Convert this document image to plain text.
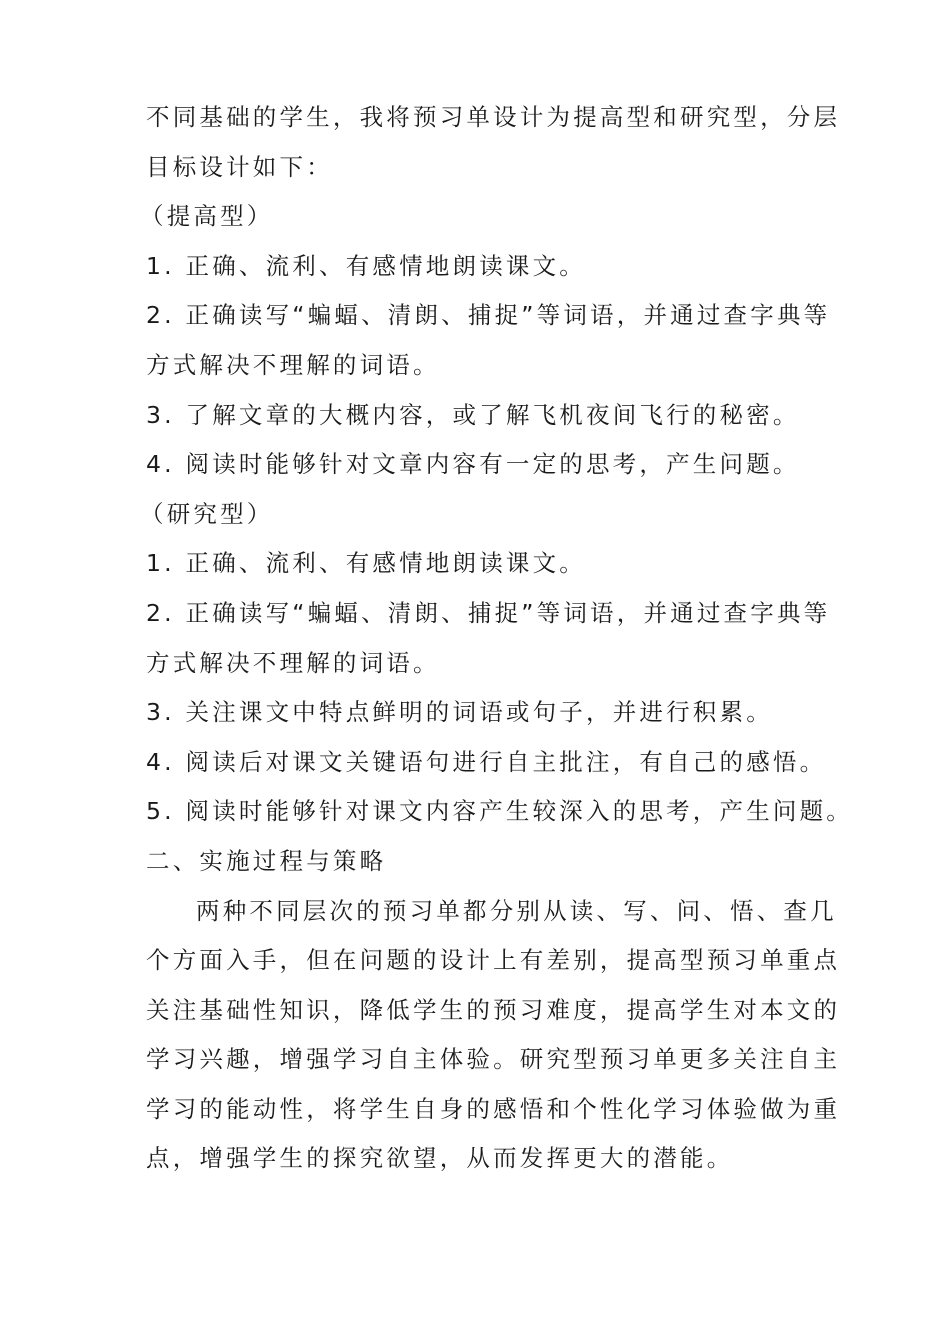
不同基础的学生，我将预习单设计为提高型和研究型，分层
目标设计如下：
（提高型）
1. 正确、流利、有感情地朗读课文。
2. 正确读写“蝙蝠、清朗、捕捉”等词语，并通过查字典等
方式解决不理解的词语。
3. 了解文章的大概内容，或了解飞机夜间飞行的秘密。
4. 阅读时能够针对文章内容有一定的思考，产生问题。
（研究型）
1. 正确、流利、有感情地朗读课文。
2. 正确读写“蝙蝠、清朗、捕捉”等词语，并通过查字典等
方式解决不理解的词语。
3. 关注课文中特点鲜明的词语或句子，并进行积累。
4. 阅读后对课文关键语句进行自主批注，有自己的感悟。
5. 阅读时能够针对课文内容产生较深入的思考，产生问题。
二、实施过程与策略
两种不同层次的预习单都分别从读、写、问、悟、查几
个方面入手，但在问题的设计上有差别，提高型预习单重点
关注基础性知识，降低学生的预习难度，提高学生对本文的
学习兴趣，增强学习自主体验。研究型预习单更多关注自主
学习的能动性，将学生自身的感悟和个性化学习体验做为重
点，增强学生的探究欲望，从而发挥更大的潜能。
